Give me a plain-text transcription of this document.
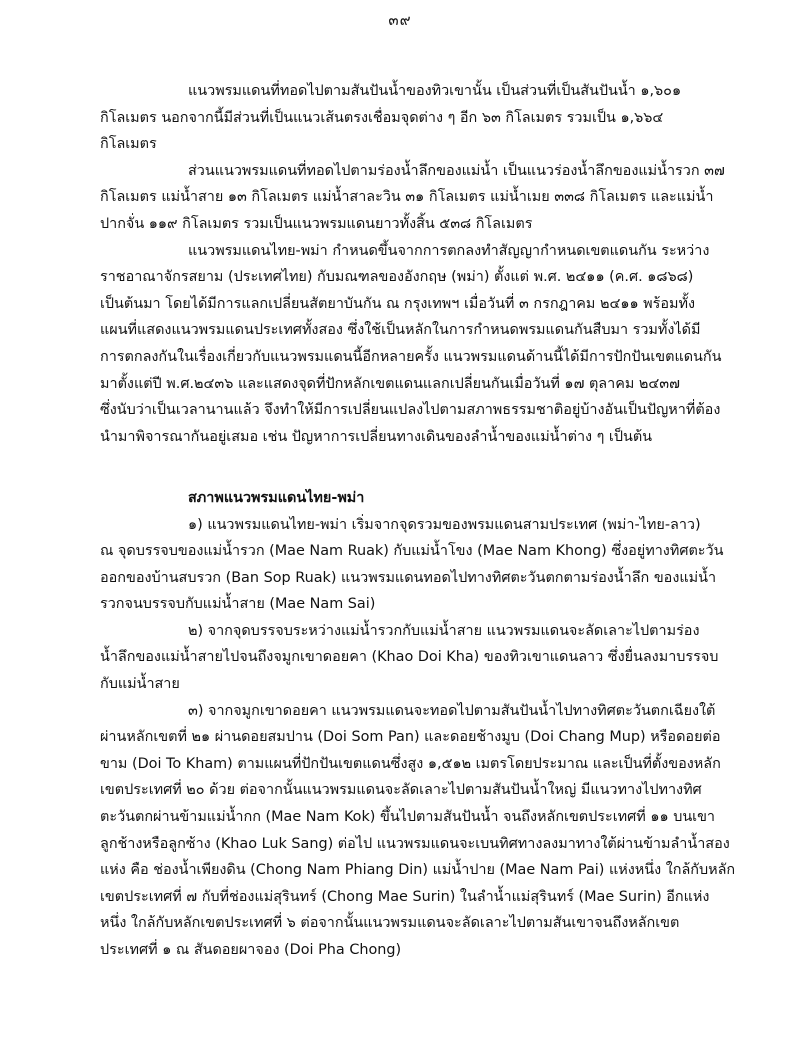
๓๙
แนวพรมแดนที่ทอดไปตามสันปันน้ำของทิวเขานั้น เป็นส่วนที่เป็นสันปันน้ำ ๑,๖๐๑
กิโลเมตร นอกจากนี้มีส่วนที่เป็นแนวเส้นตรงเชื่อมจุดต่าง ๆ อีก ๖๓ กิโลเมตร รวมเป็น ๑,๖๖๔
กิโลเมตร
ส่วนแนวพรมแดนที่ทอดไปตามร่องน้ำลึกของแม่น้ำ เป็นแนวร่องน้ำลึกของแม่น้ำรวก ๓๗
กิโลเมตร แม่น้ำสาย ๑๓ กิโลเมตร แม่น้ำสาละวิน ๓๑ กิโลเมตร แม่น้ำเมย ๓๓๘ กิโลเมตร และแม่น้ำ
ปากจั่น ๑๑๙ กิโลเมตร รวมเป็นแนวพรมแดนยาวทั้งสิ้น ๕๓๘ กิโลเมตร
แนวพรมแดนไทย-พม่า กำหนดขึ้นจากการตกลงทำสัญญากำหนดเขตแดนกัน ระหว่าง
ราชอาณาจักรสยาม (ประเทศไทย) กับมณฑลของอังกฤษ (พม่า) ตั้งแต่ พ.ศ. ๒๔๑๑ (ค.ศ. ๑๘๖๘)
เป็นต้นมา โดยได้มีการแลกเปลี่ยนสัตยาบันกัน ณ กรุงเทพฯ เมื่อวันที่ ๓ กรกฎาคม ๒๔๑๑ พร้อมทั้ง
แผนที่แสดงแนวพรมแดนประเทศทั้งสอง ซึ่งใช้เป็นหลักในการกำหนดพรมแดนกันสืบมา รวมทั้งได้มี
การตกลงกันในเรื่องเกี่ยวกับแนวพรมแดนนี้อีกหลายครั้ง แนวพรมแดนด้านนี้ได้มีการปักปันเขตแดนกัน
มาตั้งแต่ปี พ.ศ.๒๔๓๖ และแสดงจุดที่ปักหลักเขตแดนแลกเปลี่ยนกันเมื่อวันที่ ๑๗ ตุลาคม ๒๔๓๗
ซึ่งนับว่าเป็นเวลานานแล้ว จึงทำให้มีการเปลี่ยนแปลงไปตามสภาพธรรมชาติอยู่บ้างอันเป็นปัญหาที่ต้อง
นำมาพิจารณากันอยู่เสมอ เช่น ปัญหาการเปลี่ยนทางเดินของลำน้ำของแม่น้ำต่าง ๆ เป็นต้น
สภาพแนวพรมแดนไทย-พม่า
๑) แนวพรมแดนไทย-พม่า เริ่มจากจุดรวมของพรมแดนสามประเทศ (พม่า-ไทย-ลาว)
ณ จุดบรรจบของแม่น้ำรวก (Mae Nam Ruak) กับแม่น้ำโขง (Mae Nam Khong) ซึ่งอยู่ทางทิศตะวัน
ออกของบ้านสบรวก (Ban Sop Ruak) แนวพรมแดนทอดไปทางทิศตะวันตกตามร่องน้ำลึก ของแม่น้ำ
รวกจนบรรจบกับแม่น้ำสาย (Mae Nam Sai)
๒) จากจุดบรรจบระหว่างแม่น้ำรวกกับแม่น้ำสาย แนวพรมแดนจะลัดเลาะไปตามร่อง
น้ำลึกของแม่น้ำสายไปจนถึงจมูกเขาดอยคา (Khao Doi Kha) ของทิวเขาแดนลาว ซึ่งยื่นลงมาบรรจบ
กับแม่น้ำสาย
๓) จากจมูกเขาดอยคา แนวพรมแดนจะทอดไปตามสันปันน้ำไปทางทิศตะวันตกเฉียงใต้
ผ่านหลักเขตที่ ๒๑ ผ่านดอยสมปาน (Doi Som Pan) และดอยช้างมูบ (Doi Chang Mup) หรือดอยต่อ
ขาม (Doi To Kham) ตามแผนที่ปักปันเขตแดนซึ่งสูง ๑,๕๑๒ เมตรโดยประมาณ และเป็นที่ตั้งของหลัก
เขตประเทศที่ ๒๐ ด้วย ต่อจากนั้นแนวพรมแดนจะลัดเลาะไปตามสันปันน้ำใหญ่ มีแนวทางไปทางทิศ
ตะวันตกผ่านข้ามแม่น้ำกก (Mae Nam Kok) ขึ้นไปตามสันปันน้ำ จนถึงหลักเขตประเทศที่ ๑๑ บนเขา
ลูกช้างหรือลูกซ้าง (Khao Luk Sang) ต่อไป แนวพรมแดนจะเบนทิศทางลงมาทางใต้ผ่านข้ามลำน้ำสอง
แห่ง คือ ช่องน้ำเพียงดิน (Chong Nam Phiang Din) แม่น้ำปาย (Mae Nam Pai) แห่งหนึ่ง ใกล้กับหลัก
เขตประเทศที่ ๗ กับที่ช่องแม่สุรินทร์ (Chong Mae Surin) ในลำน้ำแม่สุรินทร์ (Mae Surin) อีกแห่ง
หนึ่ง ใกล้กับหลักเขตประเทศที่ ๖ ต่อจากนั้นแนวพรมแดนจะลัดเลาะไปตามสันเขาจนถึงหลักเขต
ประเทศที่ ๑ ณ สันดอยผาจอง (Doi Pha Chong)
